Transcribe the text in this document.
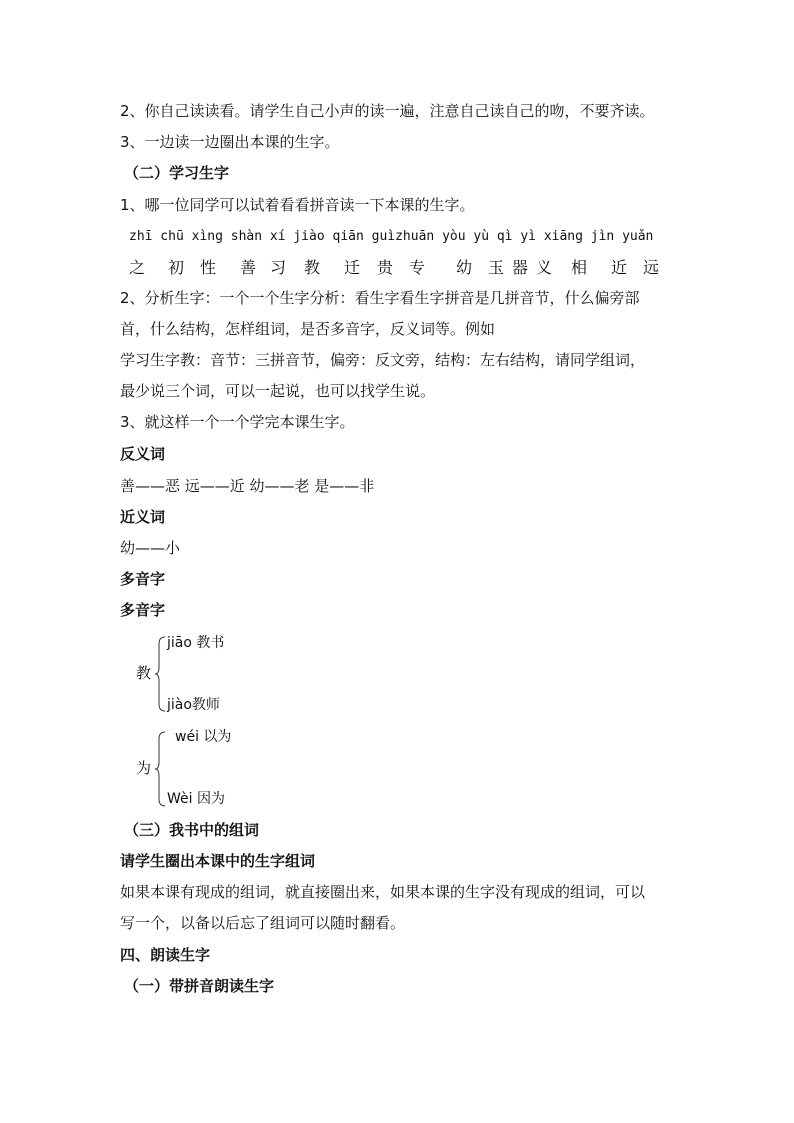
2、你自己读读看。请学生自己小声的读一遍，注意自己读自己的吻，不要齐读。
3、一边读一边圈出本课的生字。
（二）学习生字
1、哪一位同学可以试着看看拼音读一下本课的生字。
zhī chū xìng shàn xí jiào qiān guìzhuān yòu yù qì yì xiāng jìn yuǎn
之 初 性 善 习 教 迁 贵 专 幼 玉 器 义 相 近 远
2、分析生字：一个一个生字分析：看生字看生字拼音是几拼音节，什么偏旁部
首，什么结构，怎样组词，是否多音字，反义词等。例如
学习生字教：音节：三拼音节，偏旁：反文旁，结构：左右结构，请同学组词，
最少说三个词，可以一起说，也可以找学生说。
3、就这样一个一个学完本课生字。
反义词
善——恶 远——近 幼——老 是——非
近义词
幼——小
多音字
多音字
教
jiāo 教书
jiào教师
为
wéi 以为
Wèi 因为
（三）我书中的组词
请学生圈出本课中的生字组词
如果本课有现成的组词，就直接圈出来，如果本课的生字没有现成的组词，可以
写一个，以备以后忘了组词可以随时翻看。
四、朗读生字
（一）带拼音朗读生字
